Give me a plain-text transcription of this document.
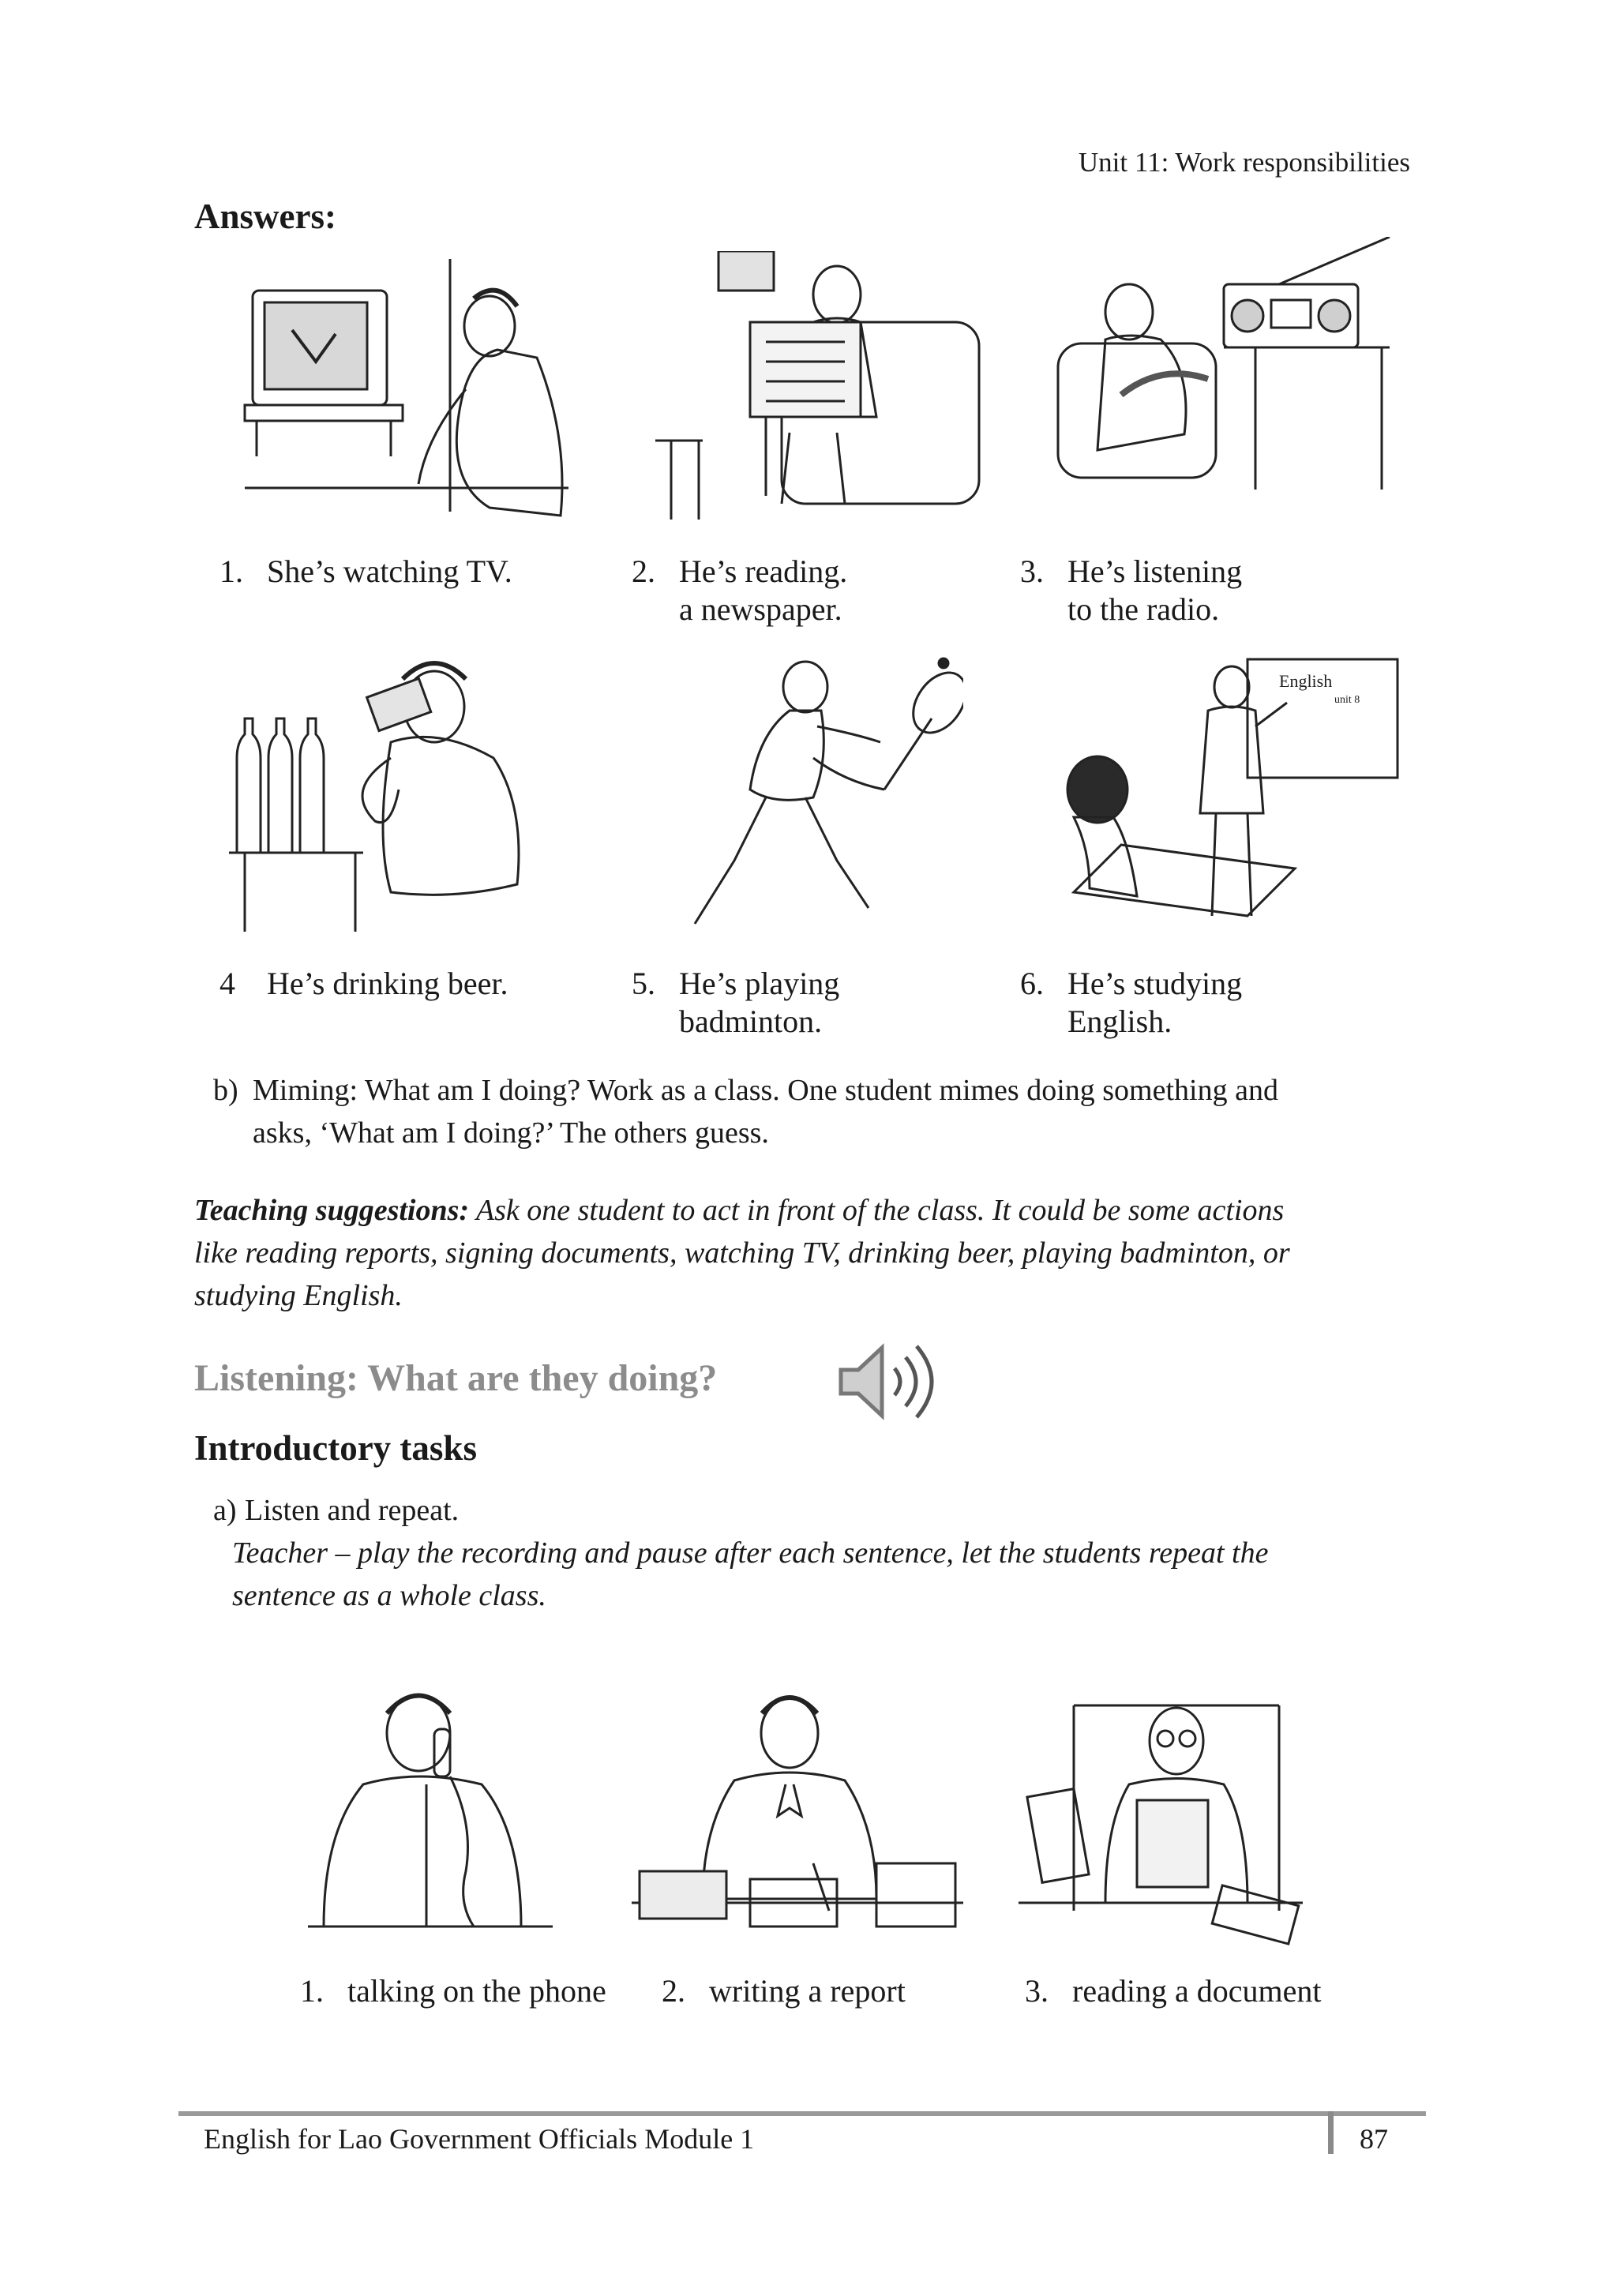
Unit 11: Work responsibilities
Answers:
1. She’s watching TV.	2. He’s reading.
a newspaper.
3. He’s listening
to the radio.
English
unit 8
4 He’s drinking beer.	5. He’s playing
badminton.
6. He’s studying
English.
b) Miming: What am I doing? Work as a class. One student mimes doing something and
asks, ‘What am I doing?’ The others guess.
Teaching suggestions: Ask one student to act in front of the class. It could be some actions
like reading reports, signing documents, watching TV, drinking beer, playing badminton, or
studying English.
Listening: What are they doing?
Introductory tasks
a) Listen and repeat.
Teacher – play the recording and pause after each sentence, let the students repeat the
sentence as a whole class.
1. talking on the phone 2. writing a report	3. reading a document
English for Lao Government Officials Module 1	87
